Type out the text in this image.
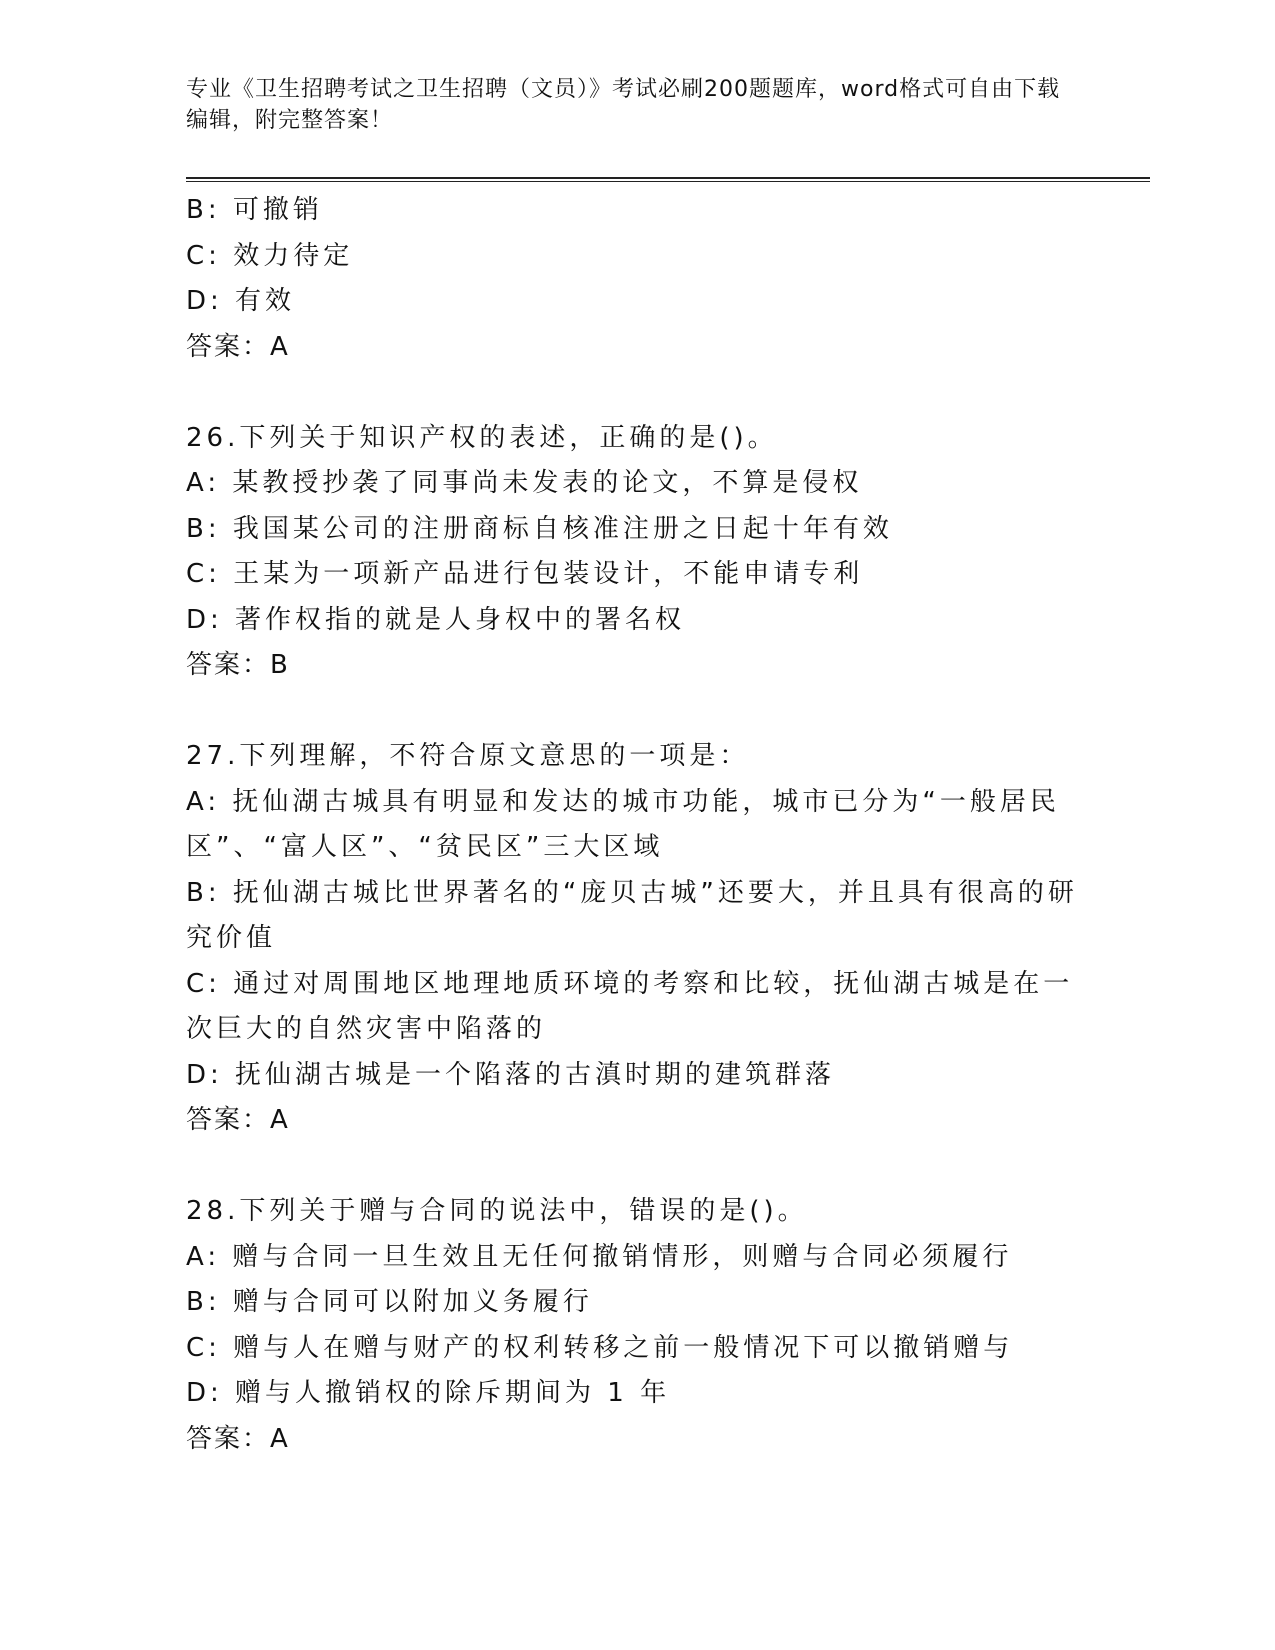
专业《卫生招聘考试之卫生招聘（文员）》考试必刷200题题库，word格式可自由下载编辑，附完整答案！
B: 可撤销
C: 效力待定
D: 有效
答案：A
26.下列关于知识产权的表述，正确的是()。
A: 某教授抄袭了同事尚未发表的论文，不算是侵权
B: 我国某公司的注册商标自核准注册之日起十年有效
C: 王某为一项新产品进行包装设计，不能申请专利
D: 著作权指的就是人身权中的署名权
答案：B
27.下列理解，不符合原文意思的一项是：
A: 抚仙湖古城具有明显和发达的城市功能，城市已分为“一般居民区”、“富人区”、“贫民区”三大区域
B: 抚仙湖古城比世界著名的“庞贝古城”还要大，并且具有很高的研究价值
C: 通过对周围地区地理地质环境的考察和比较，抚仙湖古城是在一次巨大的自然灾害中陷落的
D: 抚仙湖古城是一个陷落的古滇时期的建筑群落
答案：A
28.下列关于赠与合同的说法中，错误的是()。
A: 赠与合同一旦生效且无任何撤销情形，则赠与合同必须履行
B: 赠与合同可以附加义务履行
C: 赠与人在赠与财产的权利转移之前一般情况下可以撤销赠与
D: 赠与人撤销权的除斥期间为 1 年
答案：A
